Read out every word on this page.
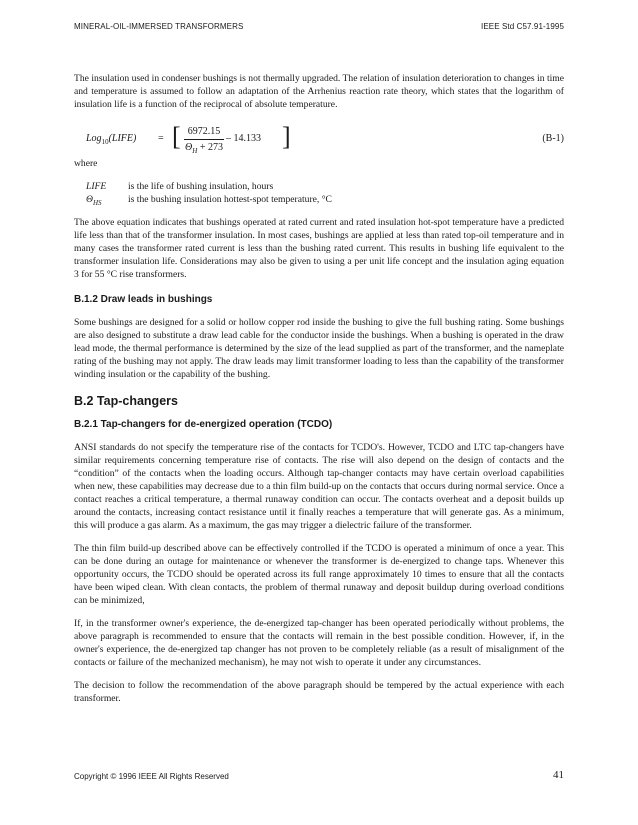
MINERAL-OIL-IMMERSED TRANSFORMERS	IEEE Std C57.91-1995

The insulation used in condenser bushings is not thermally upgraded. The relation of insulation deterioration to changes in time and temperature is assumed to follow an adaptation of the Arrhenius reaction rate theory, which states that the logarithm of insulation life is a function of the reciprocal of absolute temperature.

Log$_{10}$(LIFE) = [ $\frac{6972.15}{\Theta_H + 273} - 14.133$ ]	(B-1)

where

LIFE	is the life of bushing insulation, hours
$\Theta_{HS}$	is the bushing insulation hottest-spot temperature, °C

The above equation indicates that bushings operated at rated current and rated insulation hot-spot temperature have a predicted life less than that of the transformer insulation. In most cases, bushings are applied at less than rated top-oil temperature and in many cases the transformer rated current is less than the bushing rated current. This results in bushing life equivalent to the transformer insulation life. Considerations may also be given to using a per unit life concept and the insulation aging equation 3 for 55 °C rise transformers.

B.1.2 Draw leads in bushings

Some bushings are designed for a solid or hollow copper rod inside the bushing to give the full bushing rating. Some bushings are also designed to substitute a draw lead cable for the conductor inside the bushings. When a bushing is operated in the draw lead mode, the thermal performance is determined by the size of the lead supplied as part of the transformer, and the nameplate rating of the bushing may not apply. The draw leads may limit transformer loading to less than the capability of the transformer winding insulation or the capability of the bushing.

B.2 Tap-changers
B.2.1 Tap-changers for de-energized operation (TCDO)

ANSI standards do not specify the temperature rise of the contacts for TCDO's. However, TCDO and LTC tap-changers have similar requirements concerning temperature rise of contacts. The rise will also depend on the design of contacts and the “condition” of the contacts when the loading occurs. Although tap-changer contacts may have certain overload capabilities when new, these capabilities may decrease due to a thin film build-up on the contacts that occurs during normal service. Once a contact reaches a critical temperature, a thermal runaway condition can occur. The contacts overheat and a deposit builds up around the contacts, increasing contact resistance until it finally reaches a temperature that will generate gas. As a minimum, this will produce a gas alarm. As a maximum, the gas may trigger a dielectric failure of the transformer.

The thin film build-up described above can be effectively controlled if the TCDO is operated a minimum of once a year. This can be done during an outage for maintenance or whenever the transformer is de-energized to change taps. Whenever this opportunity occurs, the TCDO should be operated across its full range approximately 10 times to ensure that all the contacts have been wiped clean. With clean contacts, the problem of thermal runaway and deposit buildup during overload conditions can be minimized,

If, in the transformer owner's experience, the de-energized tap-changer has been operated periodically without problems, the above paragraph is recommended to ensure that the contacts will remain in the best possible condition. However, if, in the owner's experience, the de-energized tap changer has not proven to be completely reliable (as a result of misalignment of the contacts or failure of the mechanized mechanism), he may not wish to operate it under any circumstances.

The decision to follow the recommendation of the above paragraph should be tempered by the actual experience with each transformer.

Copyright © 1996 IEEE All Rights Reserved	41
